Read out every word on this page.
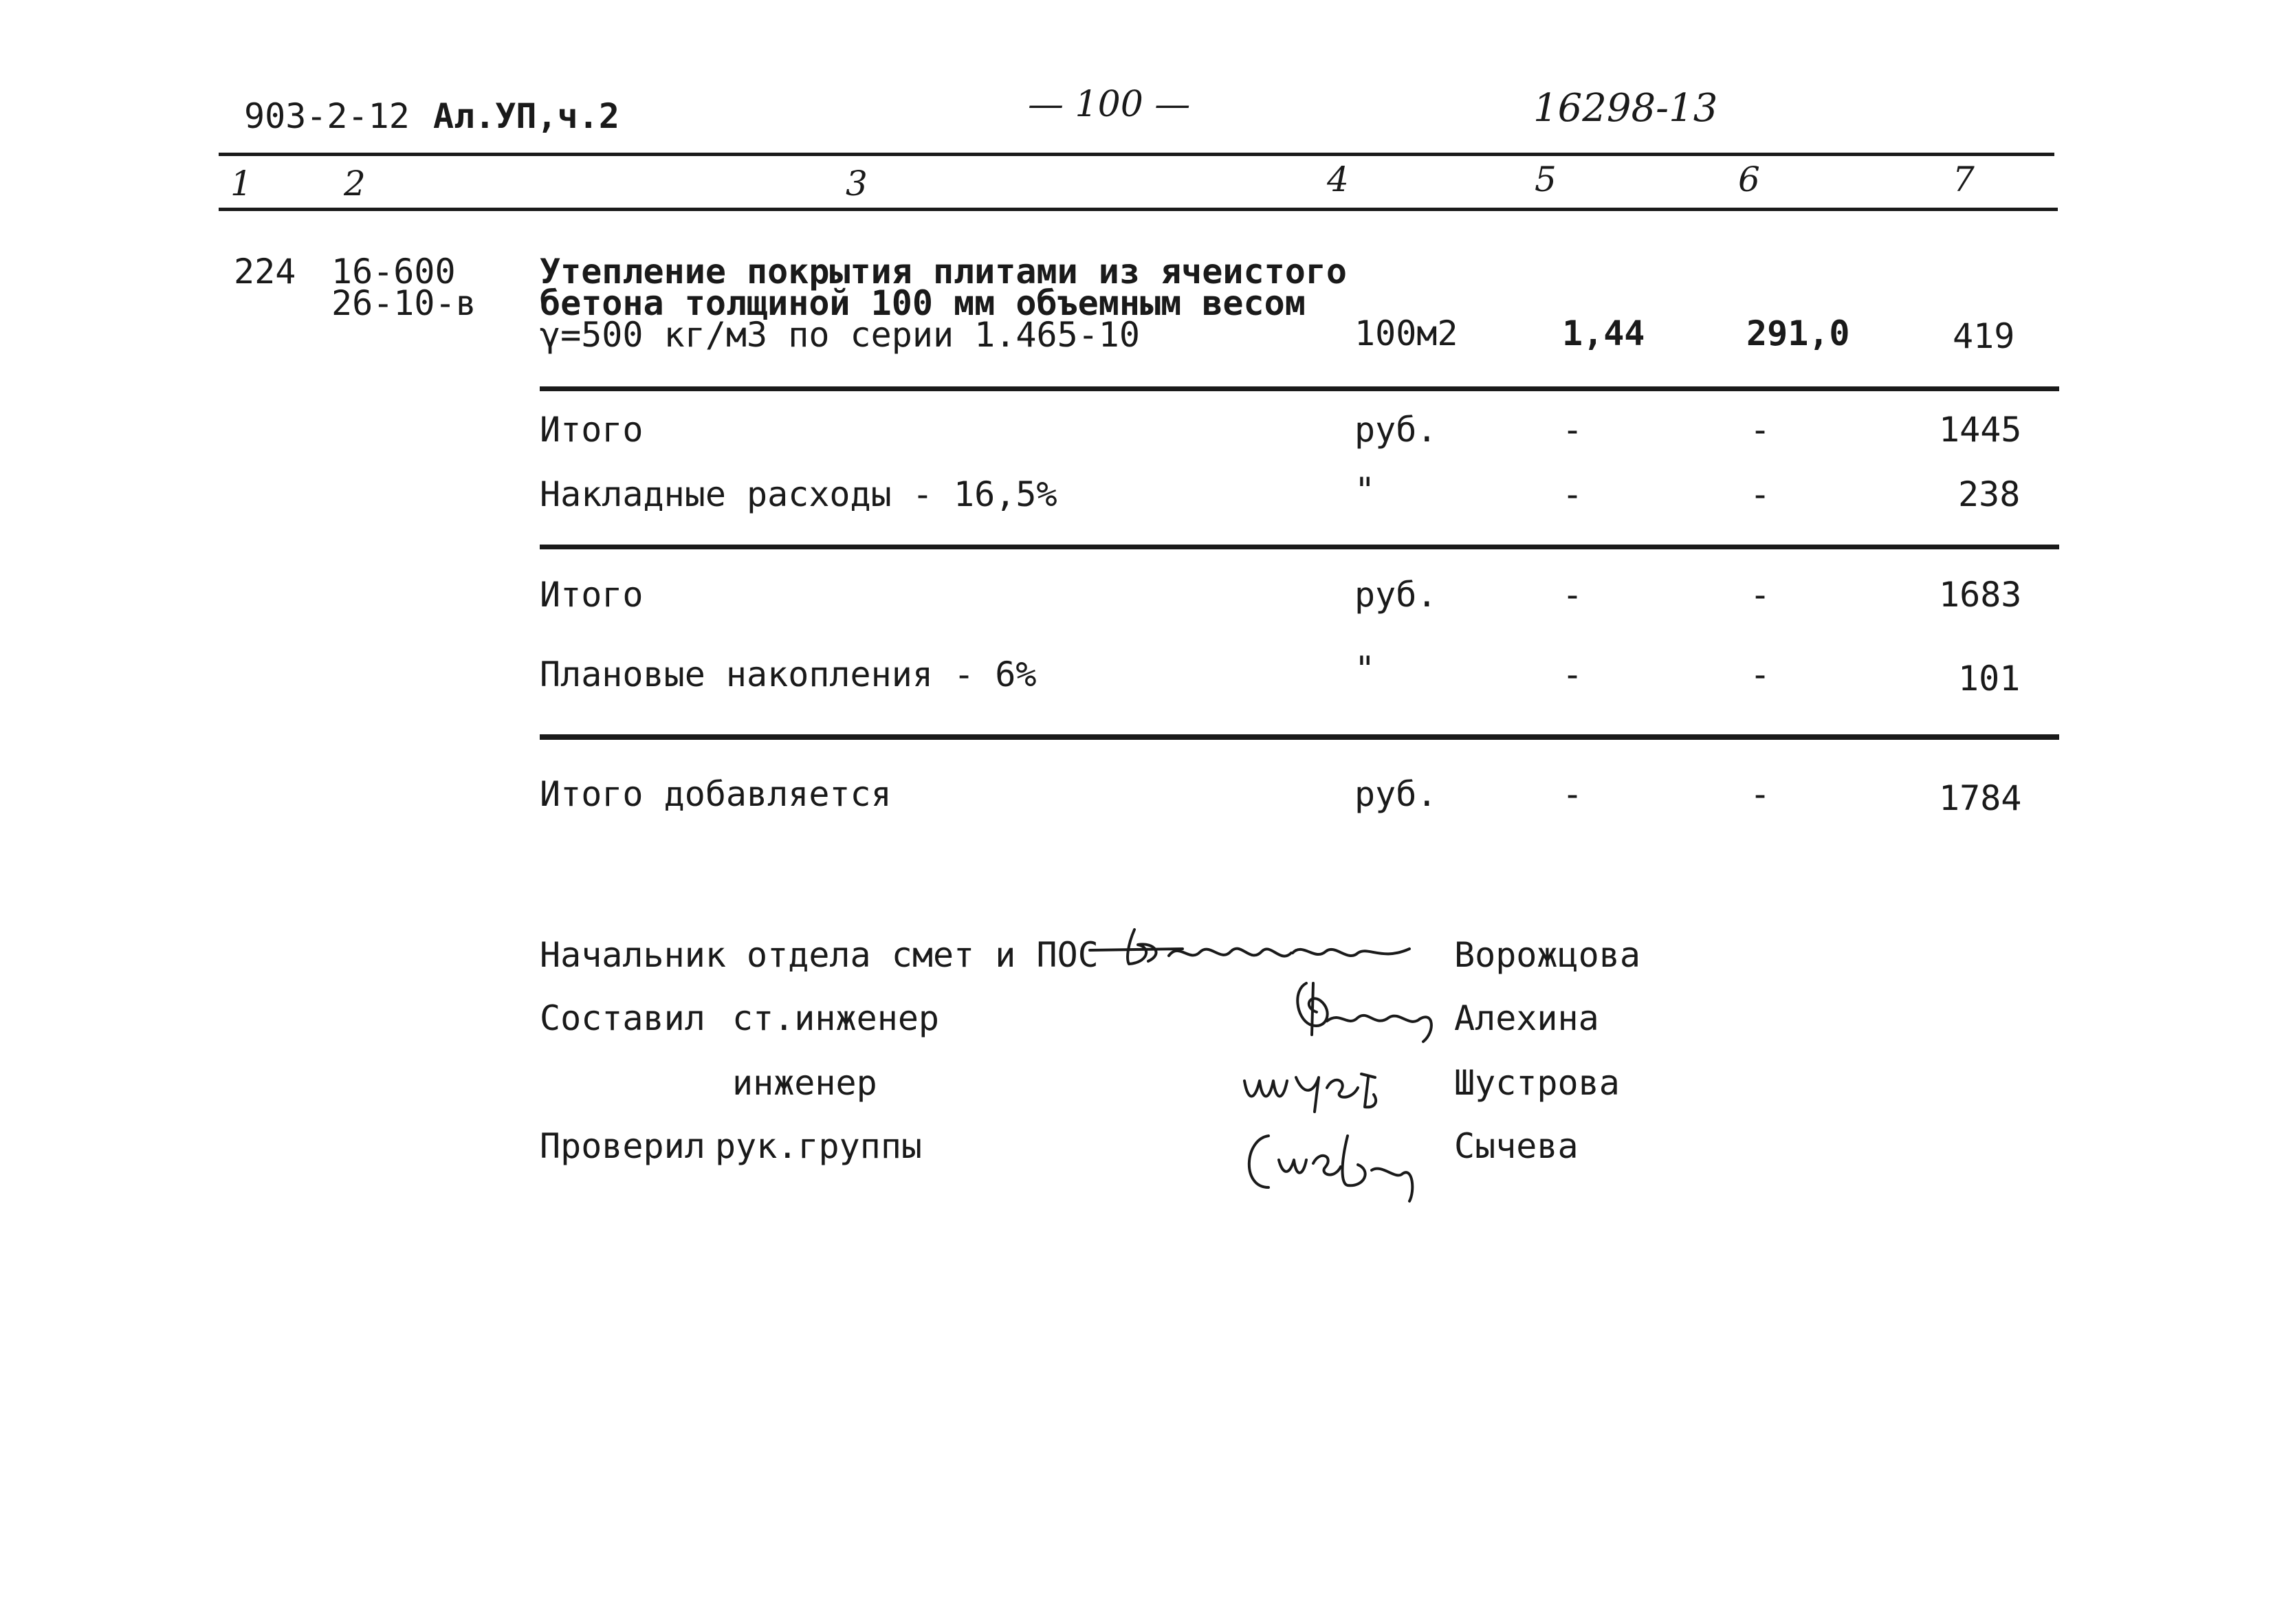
903-2-12 Ал.УП,ч.2	— 100 —	16298-13
1	2	3	4	5	6	7
224 16-600
26-10-в
Утепление покрытия плитами из ячеистого
бетона толщиной 100 мм объемным весом
γ=500 кг/м3 по серии 1.465-10	100м2	1,44	291,0	419
Итого	руб.	-	-	1445
Накладные расходы - 16,5%	"	-	-	238
Итого	руб.	-	-	1683
Плановые накопления - 6%	"	-	-	101
Итого добавляется	руб.	-	-	1784
Начальник отдела смет и ПОС	Ворожцова
Составил ст.инженер	Алехина
инженер	Шустрова
Проверил рук.группы	Сычева
